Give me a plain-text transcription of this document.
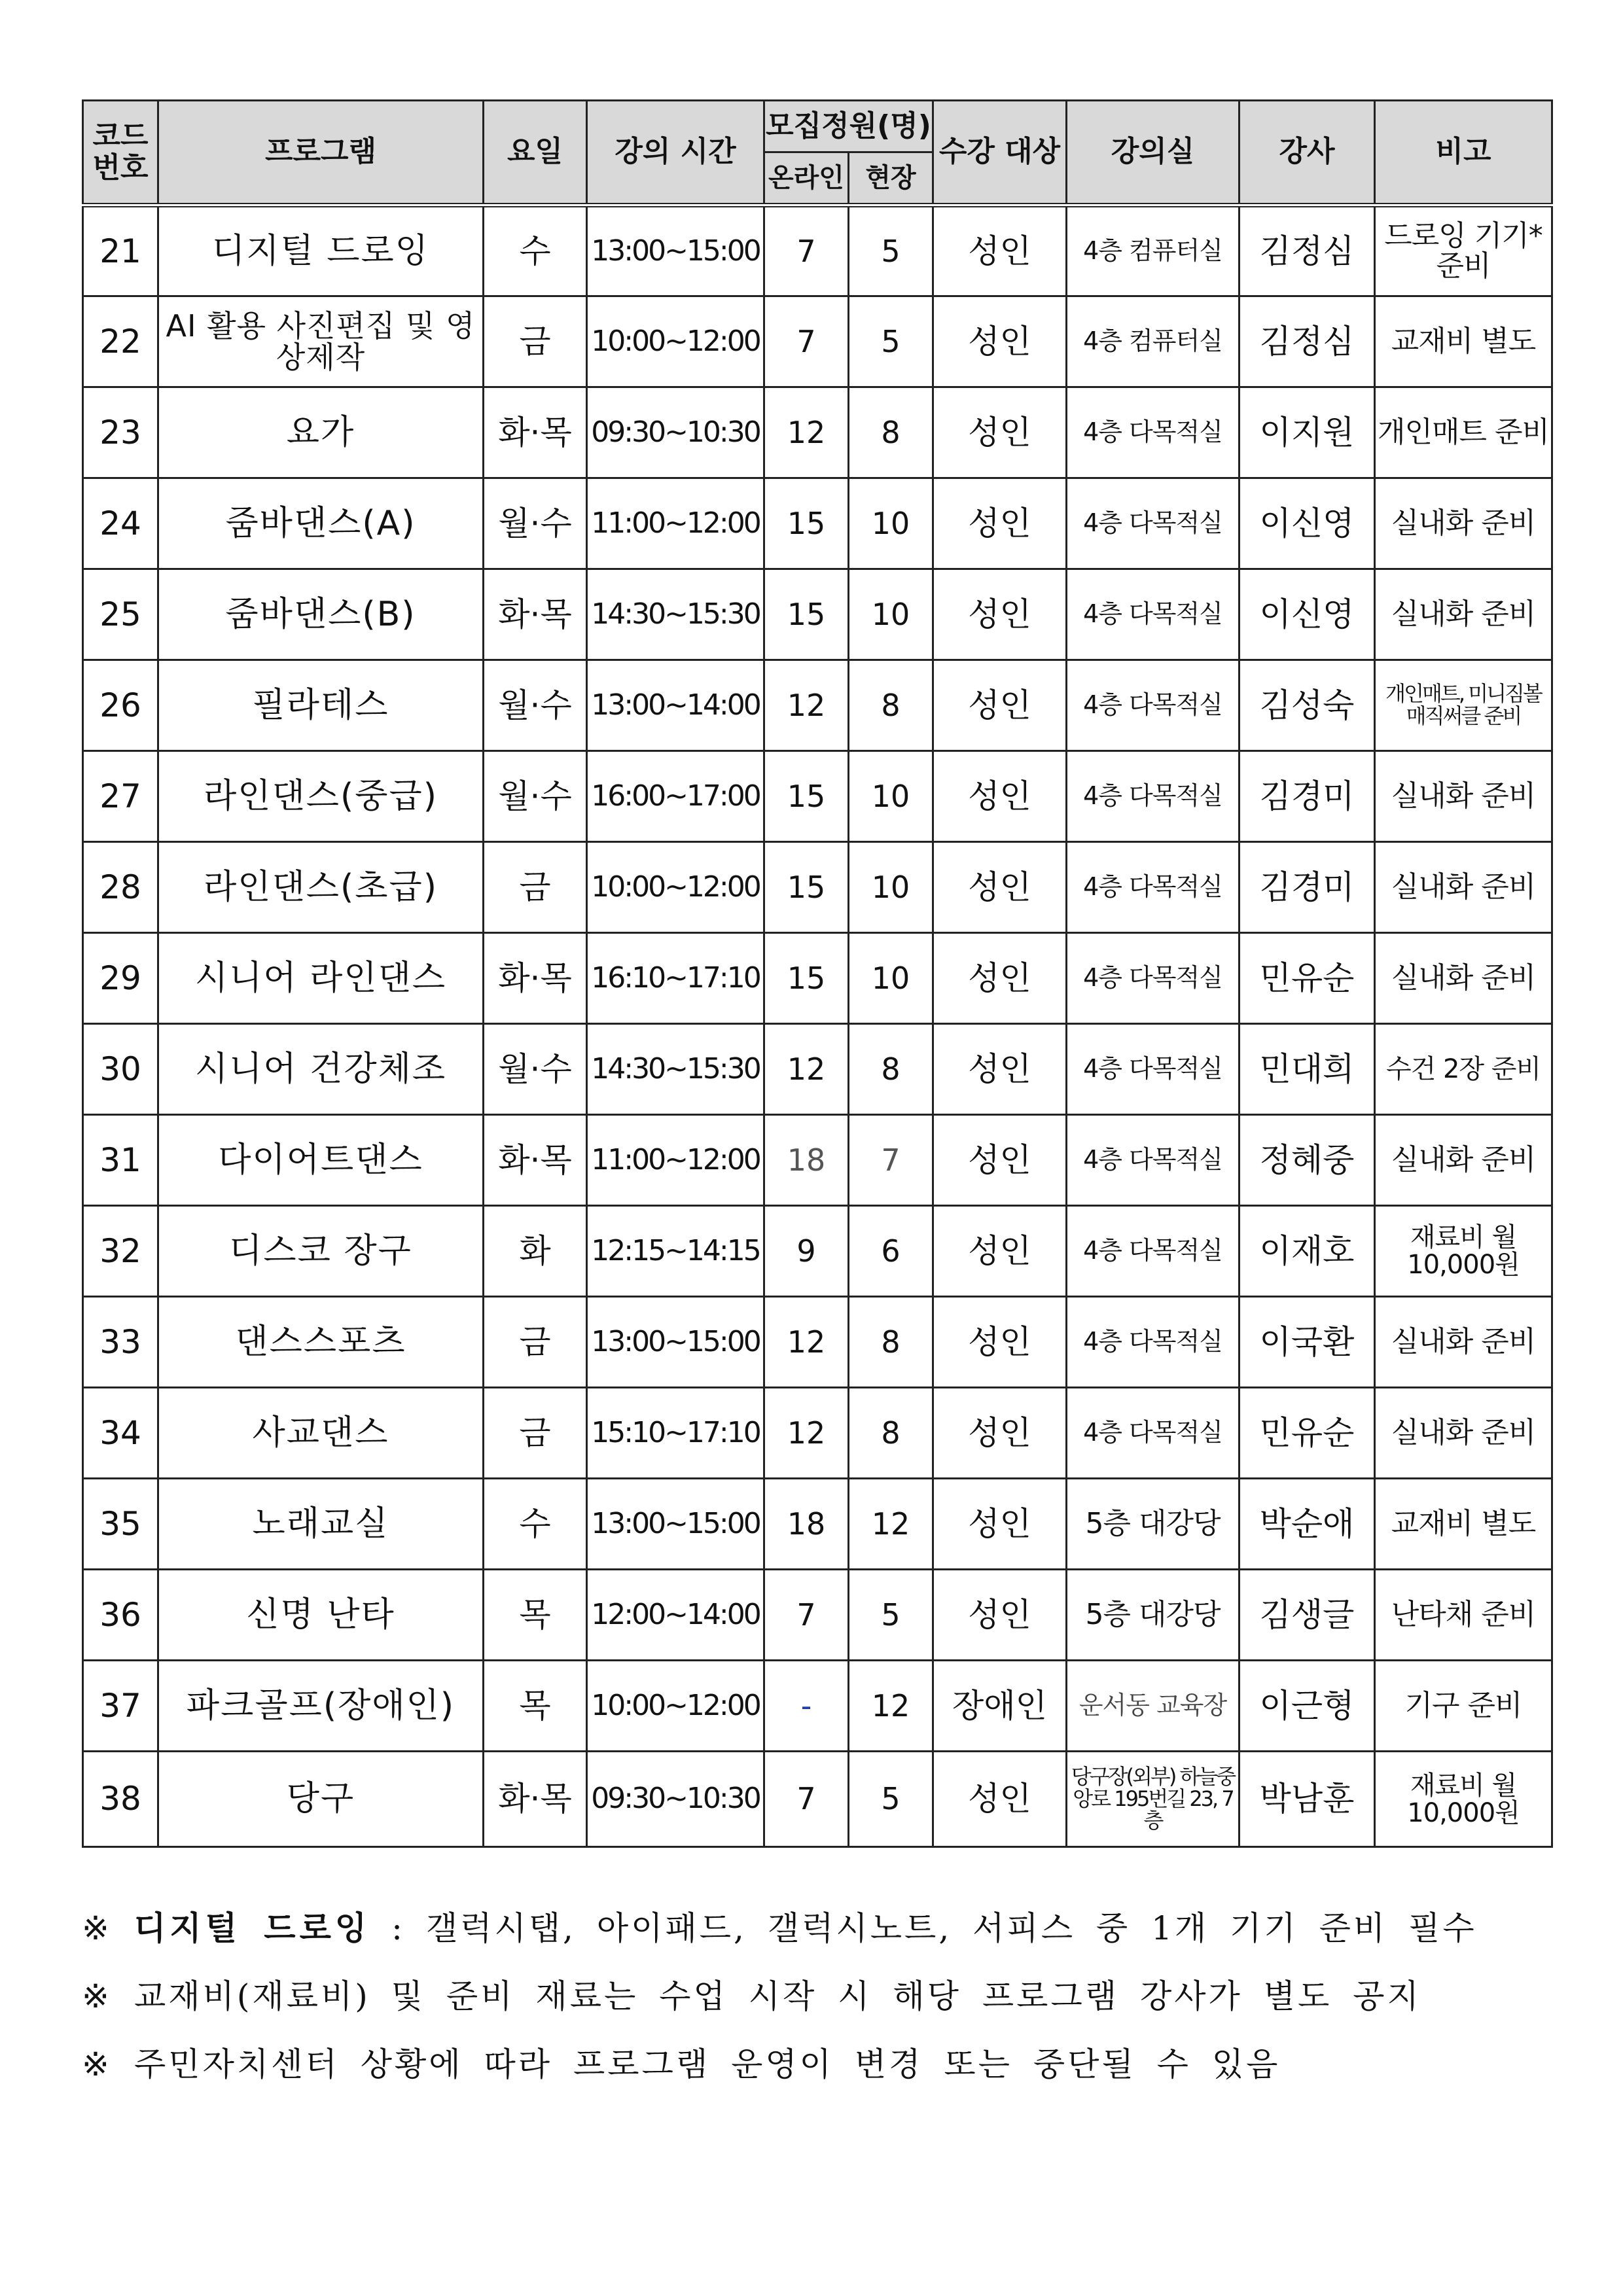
코드 번호	프로그램	요일	강의 시간	모집정원(명)		수강 대상	강의실	강사	비고
				온라인	현장				
21	디지털 드로잉	수	13:00~15:00	7	5	성인	4층 컴퓨터실	김정심	드로잉 기기* 준비
22	AI 활용 사진편집 및 영상제작	금	10:00~12:00	7	5	성인	4층 컴퓨터실	김정심	교재비 별도
23	요가	화·목	09:30~10:30	12	8	성인	4층 다목적실	이지원	개인매트 준비
24	줌바댄스(A)	월·수	11:00~12:00	15	10	성인	4층 다목적실	이신영	실내화 준비
25	줌바댄스(B)	화·목	14:30~15:30	15	10	성인	4층 다목적실	이신영	실내화 준비
26	필라테스	월·수	13:00~14:00	12	8	성인	4층 다목적실	김성숙	개인매트, 미니짐볼 매직써클 준비
27	라인댄스(중급)	월·수	16:00~17:00	15	10	성인	4층 다목적실	김경미	실내화 준비
28	라인댄스(초급)	금	10:00~12:00	15	10	성인	4층 다목적실	김경미	실내화 준비
29	시니어 라인댄스	화·목	16:10~17:10	15	10	성인	4층 다목적실	민유순	실내화 준비
30	시니어 건강체조	월·수	14:30~15:30	12	8	성인	4층 다목적실	민대희	수건 2장 준비
31	다이어트댄스	화·목	11:00~12:00	18	7	성인	4층 다목적실	정혜중	실내화 준비
32	디스코 장구	화	12:15~14:15	9	6	성인	4층 다목적실	이재호	재료비 월 10,000원
33	댄스스포츠	금	13:00~15:00	12	8	성인	4층 다목적실	이국환	실내화 준비
34	사교댄스	금	15:10~17:10	12	8	성인	4층 다목적실	민유순	실내화 준비
35	노래교실	수	13:00~15:00	18	12	성인	5층 대강당	박순애	교재비 별도
36	신명 난타	목	12:00~14:00	7	5	성인	5층 대강당	김생글	난타채 준비
37	파크골프(장애인)	목	10:00~12:00	-	12	장애인	운서동 교육장	이근형	기구 준비
38	당구	화·목	09:30~10:30	7	5	성인	당구장(외부) 하늘중앙로 195번길 23, 7층	박남훈	재료비 월 10,000원
※ 디지털 드로잉 : 갤럭시탭, 아이패드, 갤럭시노트, 서피스 중 1개 기기 준비 필수
※ 교재비(재료비) 및 준비 재료는 수업 시작 시 해당 프로그램 강사가 별도 공지
※ 주민자치센터 상황에 따라 프로그램 운영이 변경 또는 중단될 수 있음
